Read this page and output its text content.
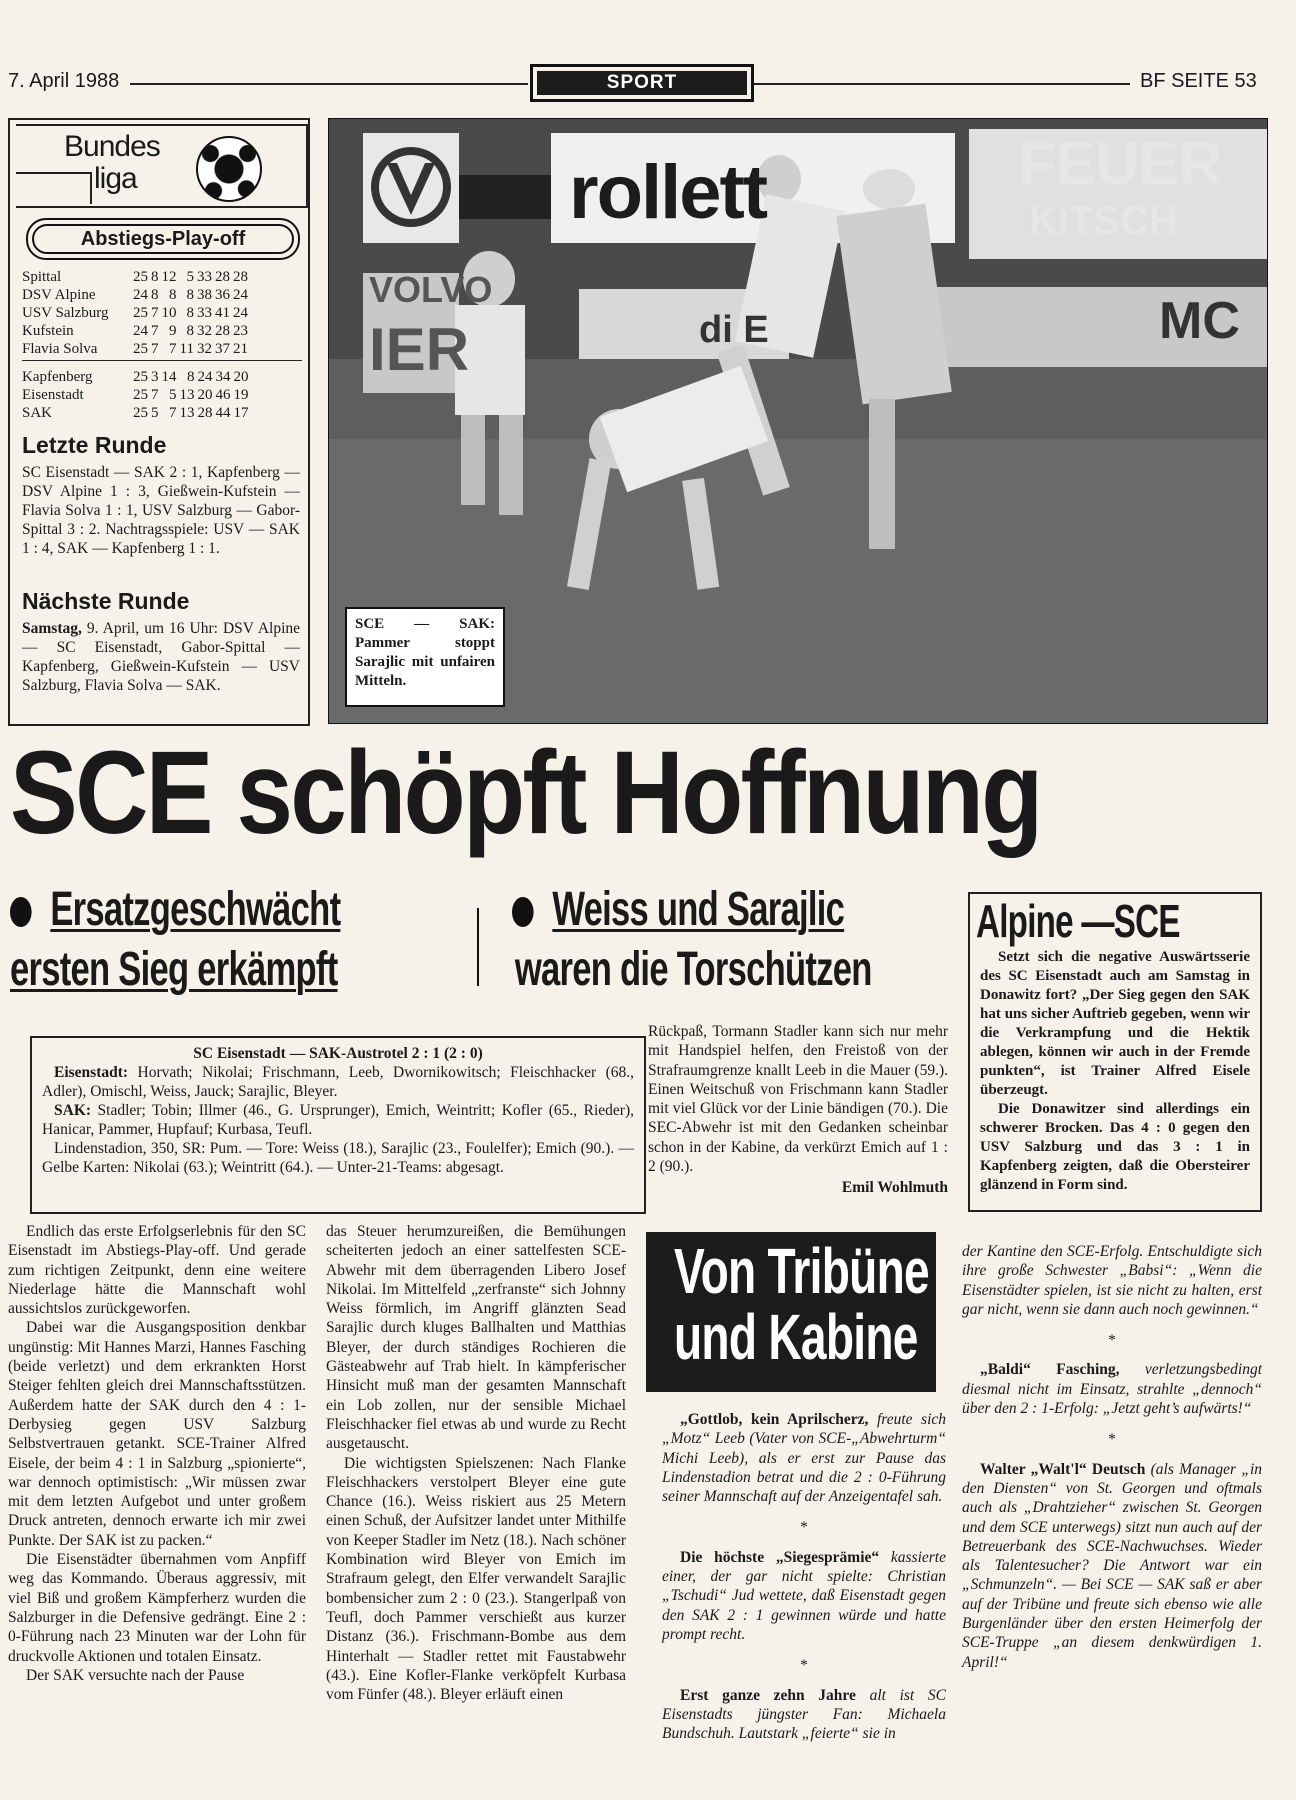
7. April 1988	SPORT	BF SEITE 53
Bundes
liga
Abstiegs-Play-off
Spittal	25	8	12	5	33	28	28
DSV Alpine	24	8	8	8	38	36	24
USV Salzburg	25	7	10	8	33	41	24
Kufstein	24	7	9	8	32	28	23
Flavia Solva	25	7	7	11	32	37	21
Kapfenberg	25	3	14	8	24	34	20
Eisenstadt	25	7	5	13	20	46	19
SAK	25	5	7	13	28	44	17
Letzte Runde
SC Eisenstadt — SAK 2 : 1, Kapfenberg — DSV Alpine 1 : 3, Gießwein-Kufstein — Flavia Solva 1 : 1, USV Salzburg — Gabor-Spittal 3 : 2. Nachtragsspiele: USV — SAK 1 : 4, SAK — Kapfenberg 1 : 1.
Nächste Runde
Samstag, 9. April, um 16 Uhr: DSV Alpine — SC Eisenstadt, Gabor-Spittal — Kapfenberg, Gießwein-Kufstein — USV Salzburg, Flavia Solva — SAK.
rollett	FEUER
KITSCH
VOLVO
IER	MC
di E
SCE — SAK: Pammer stoppt Sarajlic mit unfairen Mitteln.
SCE schöpft Hoffnung
Ersatzgeschwächt
ersten Sieg erkämpft
Weiss und Sarajlic
waren die Torschützen
Alpine —SCE
Setzt sich die negative Auswärtsserie des SC Eisenstadt auch am Samstag in Donawitz fort? „Der Sieg gegen den SAK hat uns sicher Auftrieb gegeben, wenn wir die Verkrampfung und die Hektik ablegen, können wir auch in der Fremde punkten“, ist Trainer Alfred Eisele überzeugt.
Die Donawitzer sind allerdings ein schwerer Brocken. Das 4 : 0 gegen den USV Salzburg und das 3 : 1 in Kapfenberg zeigten, daß die Obersteirer glänzend in Form sind.
SC Eisenstadt — SAK-Austrotel 2 : 1 (2 : 0)

Eisenstadt: Horvath; Nikolai; Frischmann, Leeb, Dwornikowitsch; Fleischhacker (68., Adler), Omischl, Weiss, Jauck; Sarajlic, Bleyer.

SAK: Stadler; Tobin; Illmer (46., G. Ursprunger), Emich, Weintritt; Kofler (65., Rieder), Hanicar, Pammer, Hupfauf; Kurbasa, Teufl.

Lindenstadion, 350, SR: Pum. — Tore: Weiss (18.), Sarajlic (23., Foulelfer); Emich (90.). — Gelbe Karten: Nikolai (63.); Weintritt (64.). — Unter-21-Teams: abgesagt.

Rückpaß, Tormann Stadler kann sich nur mehr mit Handspiel helfen, den Freistoß von der Strafraumgrenze knallt Leeb in die Mauer (59.). Einen Weitschuß von Frischmann kann Stadler mit viel Glück vor der Linie bändigen (70.). Die SEC-Abwehr ist mit den Gedanken scheinbar schon in der Kabine, da verkürzt Emich auf 1 : 2 (90.).
Emil Wohlmuth

Endlich das erste Erfolgserlebnis für den SC Eisenstadt im Abstiegs-Play-off. Und gerade zum richtigen Zeitpunkt, denn eine weitere Niederlage hätte die Mannschaft wohl aussichtslos zurückgeworfen.

Dabei war die Ausgangsposition denkbar ungünstig: Mit Hannes Marzi, Hannes Fasching (beide verletzt) und dem erkrankten Horst Steiger fehlten gleich drei Mannschaftsstützen. Außerdem hatte der SAK durch den 4 : 1-Derbysieg gegen USV Salzburg Selbstvertrauen getankt. SCE-Trainer Alfred Eisele, der beim 4 : 1 in Salzburg „spionierte“, war dennoch optimistisch: „Wir müssen zwar mit dem letzten Aufgebot und unter großem Druck antreten, dennoch erwarte ich mir zwei Punkte. Der SAK ist zu packen.“

Die Eisenstädter übernahmen vom Anpfiff weg das Kommando. Überaus aggressiv, mit viel Biß und großem Kämpferherz wurden die Salzburger in die Defensive gedrängt. Eine 2 : 0-Führung nach 23 Minuten war der Lohn für druckvolle Aktionen und totalen Einsatz.

Der SAK versuchte nach der Pause

das Steuer herumzureißen, die Bemühungen scheiterten jedoch an einer sattelfesten SCE-Abwehr mit dem überragenden Libero Josef Nikolai. Im Mittelfeld „zerfranste“ sich Johnny Weiss förmlich, im Angriff glänzten Sead Sarajlic durch kluges Ballhalten und Matthias Bleyer, der durch ständiges Rochieren die Gästeabwehr auf Trab hielt. In kämpferischer Hinsicht muß man der gesamten Mannschaft ein Lob zollen, nur der sensible Michael Fleischhacker fiel etwas ab und wurde zu Recht ausgetauscht.

Die wichtigsten Spielszenen: Nach Flanke Fleischhackers verstolpert Bleyer eine gute Chance (16.). Weiss riskiert aus 25 Metern einen Schuß, der Aufsitzer landet unter Mithilfe von Keeper Stadler im Netz (18.). Nach schöner Kombination wird Bleyer von Emich im Strafraum gelegt, den Elfer verwandelt Sarajlic bombensicher zum 2 : 0 (23.). Stangerlpaß von Teufl, doch Pammer verschießt aus kurzer Distanz (36.). Frischmann-Bombe aus dem Hinterhalt — Stadler rettet mit Faustabwehr (43.). Eine Kofler-Flanke verköpfelt Kurbasa vom Fünfer (48.). Bleyer erläuft einen

Von Tribüne
und Kabine
„Gottlob, kein Aprilscherz, freute sich „Motz“ Leeb (Vater von SCE-„Abwehrturm“ Michi Leeb), als er erst zur Pause das Lindenstadion betrat und die 2 : 0-Führung seiner Mannschaft auf der Anzeigentafel sah.
*
Die höchste „Siegesprämie“ kassierte einer, der gar nicht spielte: Christian „Tschudi“ Jud wettete, daß Eisenstadt gegen den SAK 2 : 1 gewinnen würde und hatte prompt recht.
*
Erst ganze zehn Jahre alt ist SC Eisenstadts jüngster Fan: Michaela Bundschuh. Lautstark „feierte“ sie in
der Kantine den SCE-Erfolg. Entschuldigte sich ihre große Schwester „Babsi“: „Wenn die Eisenstädter spielen, ist sie nicht zu halten, erst gar nicht, wenn sie dann auch noch gewinnen.“
*
„Baldi“ Fasching, verletzungsbedingt diesmal nicht im Einsatz, strahlte „dennoch“ über den 2 : 1-Erfolg: „Jetzt geht’s aufwärts!“
*
Walter „Walt'l“ Deutsch (als Manager „in den Diensten“ von St. Georgen und oftmals auch als „Drahtzieher“ zwischen St. Georgen und dem SCE unterwegs) sitzt nun auch auf der Betreuerbank des SCE-Nachwuchses. Wieder als Talentesucher? Die Antwort war ein „Schmunzeln“. — Bei SCE — SAK saß er aber auf der Tribüne und freute sich ebenso wie alle Burgenländer über den ersten Heimerfolg der SCE-Truppe „an diesem denkwürdigen 1. April!“
